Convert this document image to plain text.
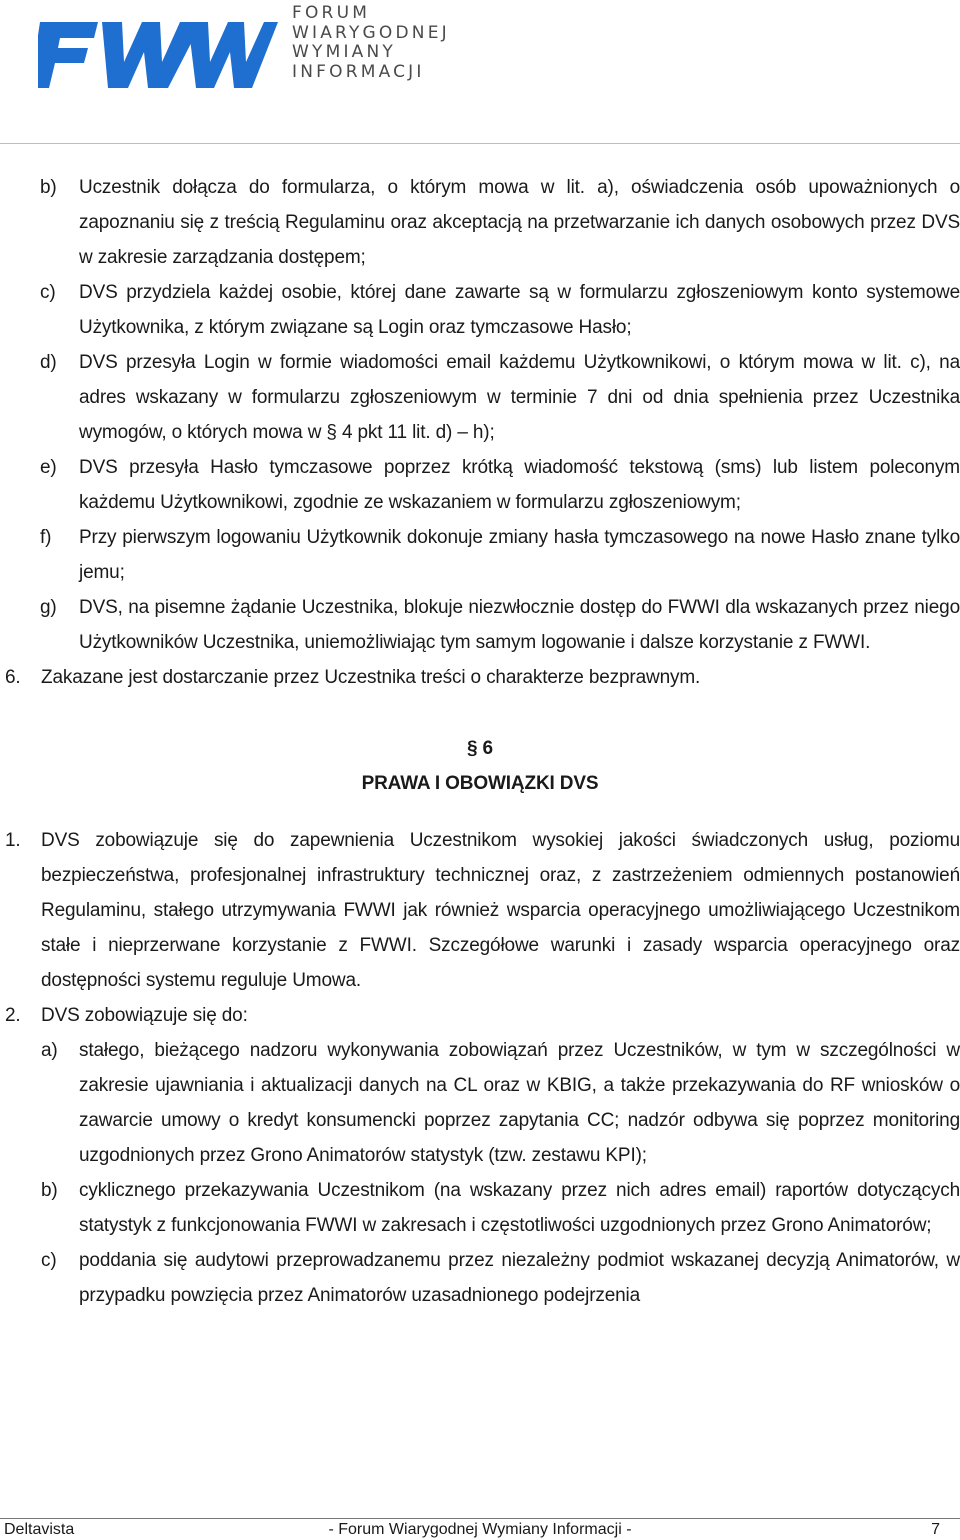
FORUM
WIARYGODNEJ
WYMIANY
INFORMACJI
b) Uczestnik dołącza do formularza, o którym mowa w lit. a), oświadczenia osób upoważnionych o zapoznaniu się z treścią Regulaminu oraz akceptacją na przetwarzanie ich danych osobowych przez DVS w zakresie zarządzania dostępem;
c) DVS przydziela każdej osobie, której dane zawarte są w formularzu zgłoszeniowym konto systemowe Użytkownika, z którym związane są Login oraz tymczasowe Hasło;
d) DVS przesyła Login w formie wiadomości email każdemu Użytkownikowi, o którym mowa w lit. c), na adres wskazany w formularzu zgłoszeniowym w terminie 7 dni od dnia spełnienia przez Uczestnika wymogów, o których mowa w § 4 pkt 11 lit. d) – h);
e) DVS przesyła Hasło tymczasowe poprzez krótką wiadomość tekstową (sms) lub listem poleconym każdemu Użytkownikowi, zgodnie ze wskazaniem w formularzu zgłoszeniowym;
f) Przy pierwszym logowaniu Użytkownik dokonuje zmiany hasła tymczasowego na nowe Hasło znane tylko jemu;
g) DVS, na pisemne żądanie Uczestnika, blokuje niezwłocznie dostęp do FWWI dla wskazanych przez niego Użytkowników Uczestnika, uniemożliwiając tym samym logowanie i dalsze korzystanie z FWWI.
6. Zakazane jest dostarczanie przez Uczestnika treści o charakterze bezprawnym.
§ 6
PRAWA I OBOWIĄZKI DVS
1. DVS zobowiązuje się do zapewnienia Uczestnikom wysokiej jakości świadczonych usług, poziomu bezpieczeństwa, profesjonalnej infrastruktury technicznej oraz, z zastrzeżeniem odmiennych postanowień Regulaminu, stałego utrzymywania FWWI jak również wsparcia operacyjnego umożliwiającego Uczestnikom stałe i nieprzerwane korzystanie z FWWI. Szczegółowe warunki i zasady wsparcia operacyjnego oraz dostępności systemu reguluje Umowa.
2. DVS zobowiązuje się do:
a) stałego, bieżącego nadzoru wykonywania zobowiązań przez Uczestników, w tym w szczególności w zakresie ujawniania i aktualizacji danych na CL oraz w KBIG, a także przekazywania do RF wniosków o zawarcie umowy o kredyt konsumencki poprzez zapytania CC; nadzór odbywa się poprzez monitoring uzgodnionych przez Grono Animatorów statystyk (tzw. zestawu KPI);
b) cyklicznego przekazywania Uczestnikom (na wskazany przez nich adres email) raportów dotyczących statystyk z funkcjonowania FWWI w zakresach i częstotliwości uzgodnionych przez Grono Animatorów;
c) poddania się audytowi przeprowadzanemu przez niezależny podmiot wskazanej decyzją Animatorów, w przypadku powzięcia przez Animatorów uzasadnionego podejrzenia
Deltavista	- Forum Wiarygodnej Wymiany Informacji -	7
